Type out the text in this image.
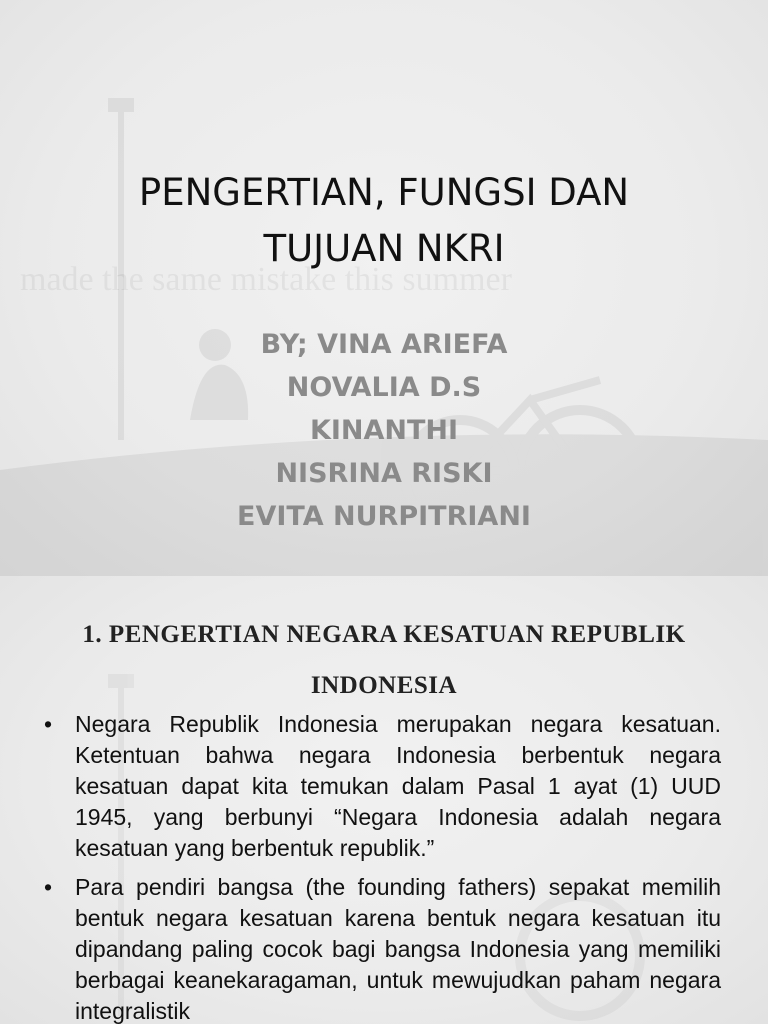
made the same mistake this summer
PENGERTIAN, FUNGSI DAN
TUJUAN NKRI
BY; VINA ARIEFA
NOVALIA D.S
KINANTHI
NISRINA RISKI
EVITA NURPITRIANI
1. PENGERTIAN NEGARA KESATUAN REPUBLIK
INDONESIA
• Negara Republik Indonesia merupakan negara kesatuan. Ketentuan bahwa negara Indonesia berbentuk negara kesatuan dapat kita temukan dalam Pasal 1 ayat (1) UUD 1945, yang berbunyi “Negara Indonesia adalah negara kesatuan yang berbentuk republik.”
• Para pendiri bangsa (the founding fathers) sepakat memilih bentuk negara kesatuan karena bentuk negara kesatuan itu dipandang paling cocok bagi bangsa Indonesia yang memiliki berbagai keanekaragaman, untuk mewujudkan paham negara integralistik
